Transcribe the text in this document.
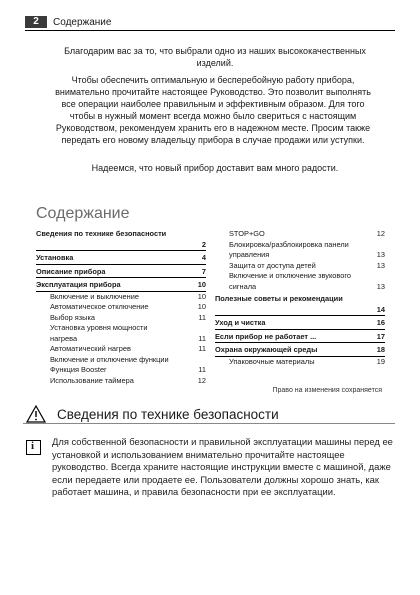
2	Содержание
Благодарим вас за то, что выбрали одно из наших высококачественных изделий.
Чтобы обеспечить оптимальную и бесперебойную работу прибора, внимательно прочитайте настоящее Руководство. Это позволит выполнять все операции наиболее правильным и эффективным образом. Для того чтобы в нужный момент всегда можно было свериться с настоящим Руководством, рекомендуем хранить его в надежном месте. Просим также передать его новому владельцу прибора в случае продажи или уступки.
Надеемся, что новый прибор доставит вам много радости.
Содержание
Сведения по технике безопасности
2
Установка	4
Описание прибора	7
Эксплуатация прибора	10
Включение и выключение	10
Автоматическое отключение	10
Выбор языка	11
Установка уровня мощности
нагрева	11
Автоматический нагрев	11
Включение и отключение функции
Функция Booster	11
Использование таймера	12
STOP+GO	12
Блокировка/разблокировка панели
управления	13
Защита от доступа детей	13
Включение и отключение звукового
сигнала	13
Полезные советы и рекомендации
14
Уход и чистка	16
Если прибор не работает ...	17
Охрана окружающей среды	18
Упаковочные материалы	19
Право на изменения сохраняется
Сведения по технике безопасности
i Для собственной безопасности и правильной эксплуатации машины перед ее установкой и использованием внимательно прочитайте настоящее руководство. Всегда храните настоящие инструкции вместе с машиной, даже если передаете или продаете ее. Пользователи должны хорошо знать, как работает машина, и правила безопасности при ее эксплуатации.
